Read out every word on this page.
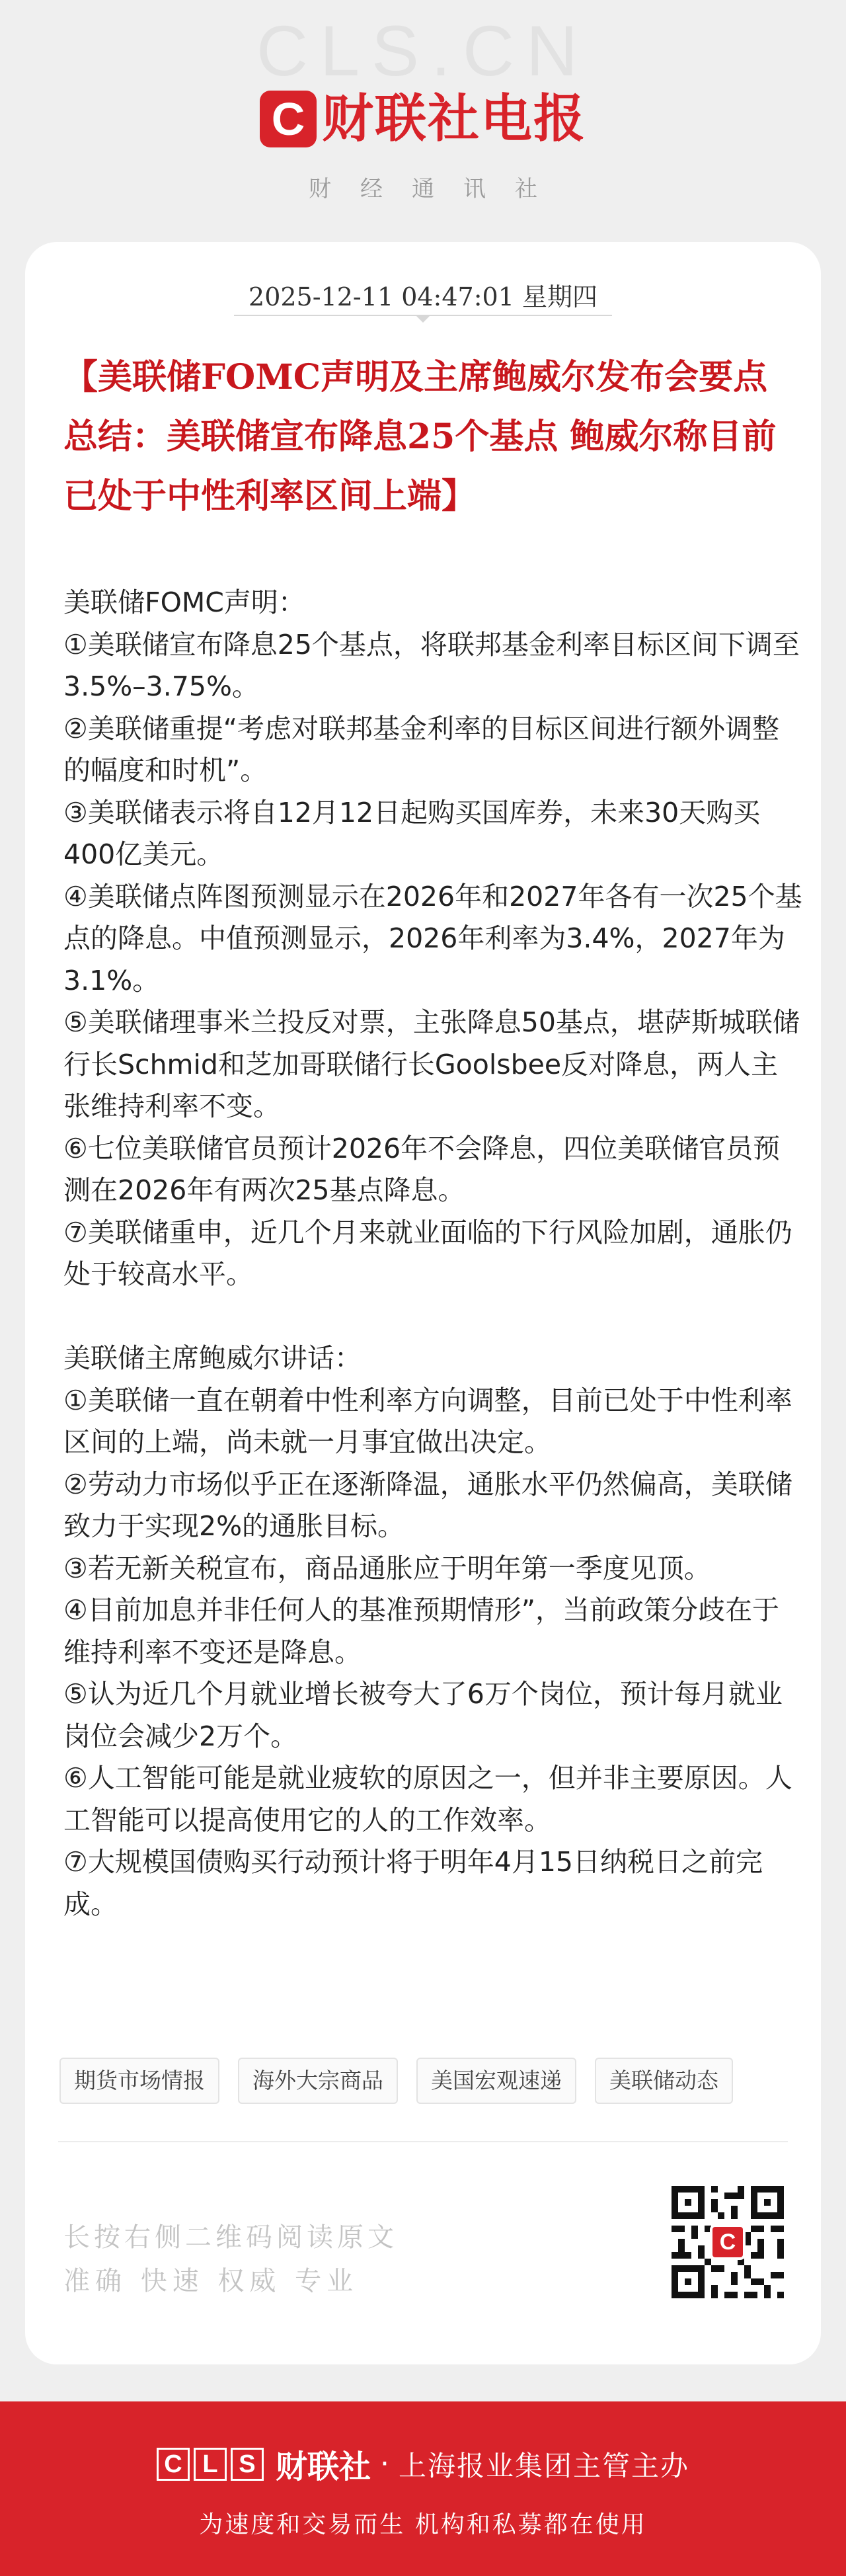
CLS.CN
C 财联社 电报
财经通讯社
2025-12-11 04:47:01 星期四
【美联储FOMC声明及主席鲍威尔发布会要点总结：美联储宣布降息25个基点 鲍威尔称目前已处于中性利率区间上端】

美联储FOMC声明：

①美联储宣布降息25个基点，将联邦基金利率目标区间下调至3.5%–3.75%。

②美联储重提“考虑对联邦基金利率的目标区间进行额外调整的幅度和时机”。

③美联储表示将自12月12日起购买国库券，未来30天购买400亿美元。

④美联储点阵图预测显示在2026年和2027年各有一次25个基点的降息。中值预测显示，2026年利率为3.4%，2027年为3.1%。

⑤美联储理事米兰投反对票，主张降息50基点，堪萨斯城联储行长Schmid和芝加哥联储行长Goolsbee反对降息，两人主张维持利率不变。

⑥七位美联储官员预计2026年不会降息，四位美联储官员预测在2026年有两次25基点降息。

⑦美联储重申，近几个月来就业面临的下行风险加剧，通胀仍处于较高水平。

美联储主席鲍威尔讲话：

①美联储一直在朝着中性利率方向调整，目前已处于中性利率区间的上端，尚未就一月事宜做出决定。

②劳动力市场似乎正在逐渐降温，通胀水平仍然偏高，美联储致力于实现2%的通胀目标。

③若无新关税宣布，商品通胀应于明年第一季度见顶。

④目前加息并非任何人的基准预期情形”，当前政策分歧在于维持利率不变还是降息。

⑤认为近几个月就业增长被夸大了6万个岗位，预计每月就业岗位会减少2万个。

⑥人工智能可能是就业疲软的原因之一，但并非主要原因。人工智能可以提高使用它的人的工作效率。

⑦大规模国债购买行动预计将于明年4月15日纳税日之前完成。

期货市场情报	海外大宗商品	美国宏观速递	美联储动态
长按右侧二维码阅读原文
准确 快速 权威 专业
C
C L S 财联社 · 上海报业集团主管主办
为速度和交易而生 机构和私募都在使用
